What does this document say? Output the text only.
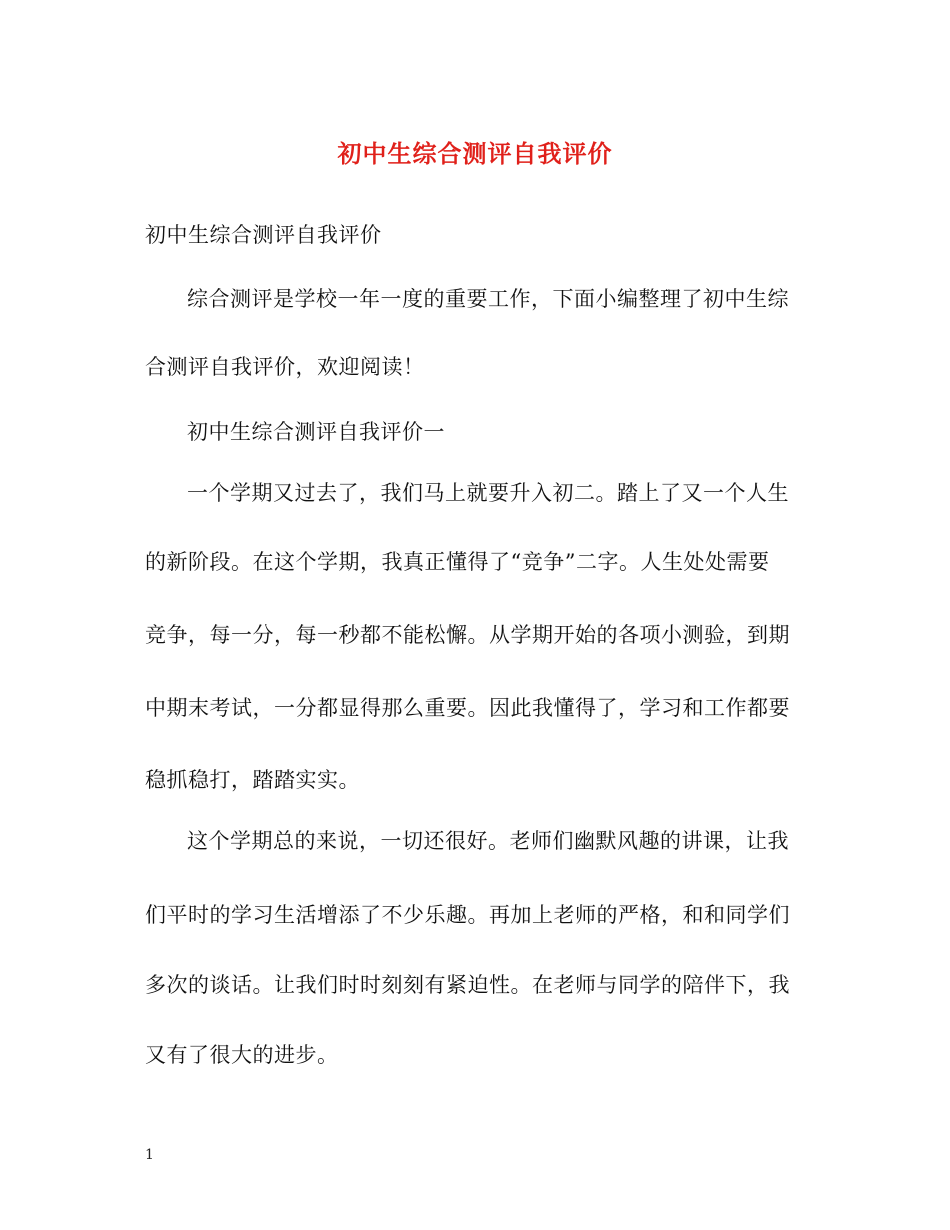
初中生综合测评自我评价
初中生综合测评自我评价
综合测评是学校一年一度的重要工作，下面小编整理了初中生综
合测评自我评价，欢迎阅读！
初中生综合测评自我评价一
一个学期又过去了，我们马上就要升入初二。踏上了又一个人生
的新阶段。在这个学期，我真正懂得了“竞争”二字。人生处处需要
竞争，每一分，每一秒都不能松懈。从学期开始的各项小测验，到期
中期末考试，一分都显得那么重要。因此我懂得了，学习和工作都要
稳抓稳打，踏踏实实。
这个学期总的来说，一切还很好。老师们幽默风趣的讲课，让我
们平时的学习生活增添了不少乐趣。再加上老师的严格，和和同学们
多次的谈话。让我们时时刻刻有紧迫性。在老师与同学的陪伴下，我
又有了很大的进步。
1
